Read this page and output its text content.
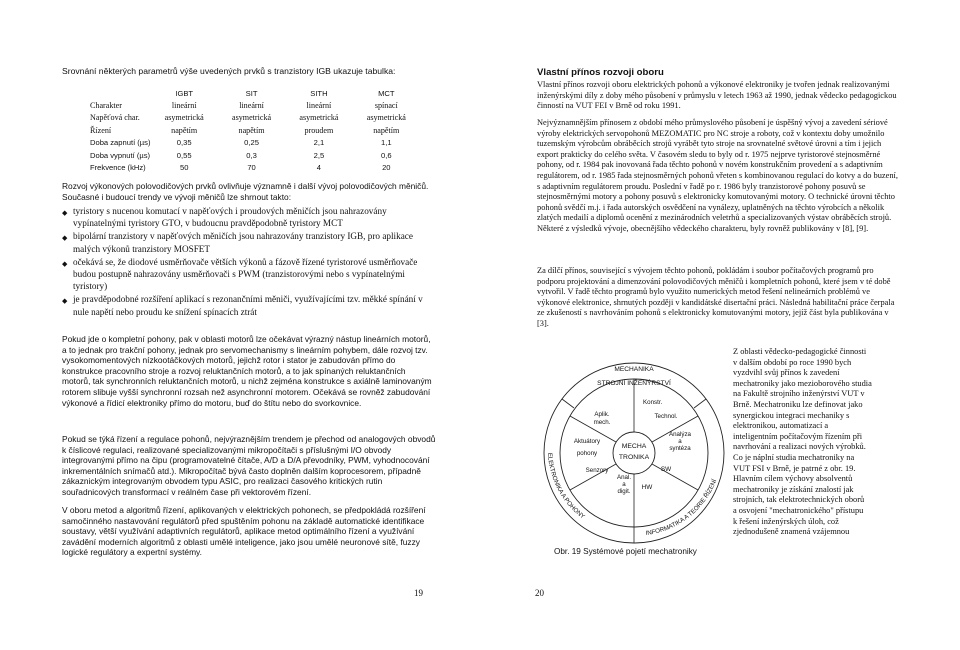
Srovnání některých parametrů výše uvedených prvků s tranzistory IGB ukazuje tabulka:
	IGBT	SIT	SITH	MCT
Charakter	lineární	lineární	lineární	spínací
Napěťová char.	asymetrická	asymetrická	asymetrická	asymetrická
Řízení	napětím	napětím	proudem	napětím
Doba zapnutí (µs)	0,35	0,25	2,1	1,1
Doba vypnutí (µs)	0,55	0,3	2,5	0,6
Frekvence (kHz)	50	70	4	20

Rozvoj výkonových polovodičových prvků ovlivňuje významně i další vývoj polovodičových měničů. Současné i budoucí trendy ve vývoji měničů lze shrnout takto:

◆ tyristory s nucenou komutací v napěťových i proudových měničích jsou nahrazovány vypínatelnými tyristory GTO, v budoucnu pravděpodobně tyristory MCT
◆ bipolární tranzistory v napěťových měničích jsou nahrazovány tranzistory IGB, pro aplikace malých výkonů tranzistory MOSFET
◆ očekává se, že diodové usměrňovače větších výkonů a fázově řízené tyristorové usměrňovače budou postupně nahrazovány usměrňovači s PWM (tranzistorovými nebo s vypínatelnými tyristory)
◆ je pravděpodobné rozšíření aplikací s rezonančními měniči, využívajícími tzv. měkké spínání v nule napětí nebo proudu ke snížení spínacích ztrát

Pokud jde o kompletní pohony, pak v oblasti motorů lze očekávat výrazný nástup lineárních motorů, a to jednak pro trakční pohony, jednak pro servomechanismy s lineárním pohybem, dále rozvoj tzv. vysokomomentových nízkootáčkových motorů, jejichž rotor i stator je zabudován přímo do konstrukce pracovního stroje a rozvoj reluktančních motorů, a to jak spínaných reluktančních motorů, tak synchronních reluktančních motorů, u nichž zejména konstrukce s axiálně laminovaným rotorem slibuje vyšší synchronní rozsah než asynchronní motorem. Očekává se rovněž zabudování výkonové a řídicí elektroniky přímo do motoru, buď do štítu nebo do svorkovnice.

Pokud se týká řízení a regulace pohonů, nejvýraznějším trendem je přechod od analogových obvodů k číslicové regulaci, realizované specializovanými mikropočítači s příslušnými I/O obvody integrovanými přímo na čipu (programovatelné čítače, A/D a D/A převodníky, PWM, vyhodnocování inkrementálních snímačů atd.). Mikropočítač bývá často doplněn dalším koprocesorem, případně zákaznickým integrovaným obvodem typu ASIC, pro realizaci časového kritických rutin souřadnicových transformací v reálném čase při vektorovém řízení.

V oboru metod a algoritmů řízení, aplikovaných v elektrických pohonech, se předpokládá rozšíření samočinného nastavování regulátorů před spuštěním pohonu na základě automatické identifikace soustavy, větší využívání adaptivních regulátorů, aplikace metod optimálního řízení a využívání zavádění moderních algoritmů z oblasti umělé inteligence, jako jsou umělé neuronové sítě, fuzzy logické regulátory a expertní systémy.

19
Vlastní přínos rozvoji oboru

Vlastní přínos rozvoji oboru elektrických pohonů a výkonové elektroniky je tvořen jednak realizovanými inženýrskými díly z doby mého působení v průmyslu v letech 1963 až 1990, jednak vědecko pedagogickou činností na VUT FEI v Brně od roku 1991.

Nejvýznamnějším přínosem z období mého průmyslového působení je úspěšný vývoj a zavedení sériové výroby elektrických servopohonů MEZOMATIC pro NC stroje a roboty, což v kontextu doby umožnilo tuzemským výrobcům obráběcích strojů vyrábět tyto stroje na srovnatelné světové úrovni a tím i jejich export prakticky do celého světa. V časovém sledu to byly od r. 1975 nejprve tyristorové stejnosměrné pohony, od r. 1984 pak inovovaná řada těchto pohonů v novém konstrukčním provedení a s adaptivním regulátorem, od r. 1985 řada stejnosměrných pohonů vřeten s kombinovanou regulací do kotvy a do buzení, s adaptivním regulátorem proudu. Poslední v řadě po r. 1986 byly tranzistorové pohony posuvů se stejnosměrnými motory a pohony posuvů s elektronicky komutovanými motory. O technické úrovni těchto pohonů svědčí m.j. i řada autorských osvědčení na vynálezy, uplatněných na těchto výrobcích a několik zlatých medailí a diplomů ocenění z mezinárodních veletrhů a specializovaných výstav obráběcích strojů. Některé z výsledků vývoje, obecnějšího vědeckého charakteru, byly rovněž publikovány v [8], [9].

Za dílčí přínos, související s vývojem těchto pohonů, pokládám i soubor počítačových programů pro podporu projektování a dimenzování polovodičových měničů i kompletních pohonů, které jsem v té době vytvořil. V řadě těchto programů bylo využito numerických metod řešení nelineárních problémů ve výkonové elektronice, shrnutých později v kandidátské disertační práci. Následná habilitační práce čerpala ze zkušeností s navrhováním pohonů s elektronicky komutovanými motory, jejíž část byla publikována v [3].

MECHANIKA
STROJNÍ INŽENÝRSTVÍ
ELEKTRONIKA A POHONY
INFORMATIKA A TEORIE ŘÍZENÍ
Konstr.
Aplik.
mech.
Technol.
Aktuátory
pohony
Analýza
a
syntéza
Senzory	SW
Anal.
a
digit.
HW
MECHA
TRONIKA
Obr. 19 Systémové pojetí mechatroniky
Z oblasti vědecko-pedagogické činnosti
v dalším období po roce 1990 bych
vyzdvihl svůj přínos k zavedení
mechatroniky jako mezioborového studia
na Fakultě strojního inženýrství VUT v
Brně. Mechatroniku lze definovat jako
synergickou integraci mechaniky s
elektronikou, automatizací a
inteligentním počítačovým řízením při
navrhování a realizaci nových výrobků.
Co je náplní studia mechatroniky na
VUT FSI v Brně, je patrné z obr. 19.
Hlavním cílem výchovy absolventů
mechatroniky je získání znalostí jak
strojních, tak elektrotechnických oborů
a osvojení "mechatronického" přístupu
k řešení inženýrských úloh, což
zjednodušeně znamená vzájemnou
20
